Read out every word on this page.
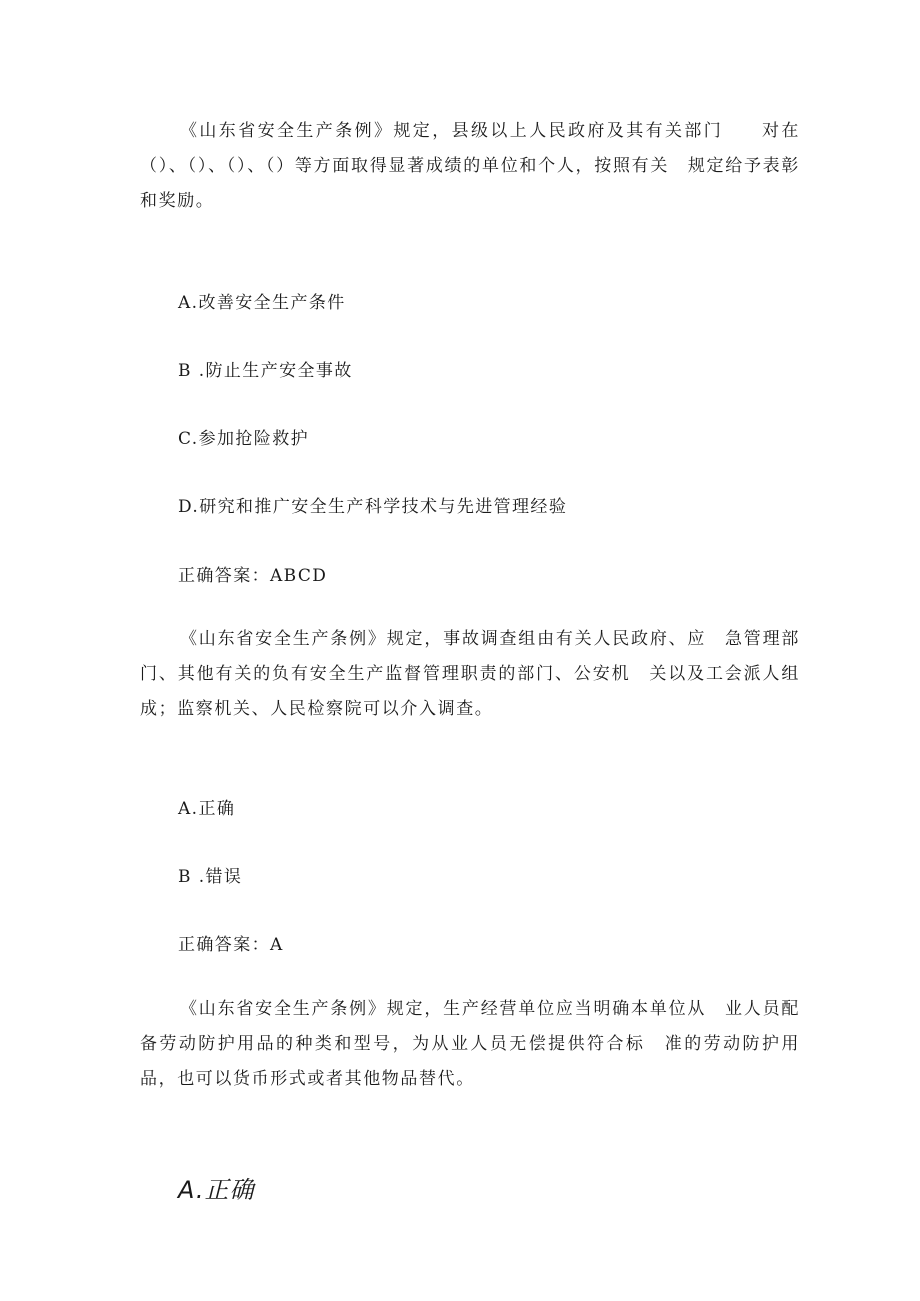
《山东省安全生产条例》规定，县级以上人民政府及其有关部门　　对在（）、（）、（）、（）等方面取得显著成绩的单位和个人，按照有关　规定给予表彰和奖励。

A.改善安全生产条件
B .防止生产安全事故
C.参加抢险救护
D.研究和推广安全生产科学技术与先进管理经验
正确答案：ABCD

《山东省安全生产条例》规定，事故调查组由有关人民政府、应　急管理部门、其他有关的负有安全生产监督管理职责的部门、公安机　关以及工会派人组成；监察机关、人民检察院可以介入调查。

A.正确
B .错误
正确答案：A

《山东省安全生产条例》规定，生产经营单位应当明确本单位从　业人员配备劳动防护用品的种类和型号，为从业人员无偿提供符合标　准的劳动防护用品，也可以货币形式或者其他物品替代。

A.正确
